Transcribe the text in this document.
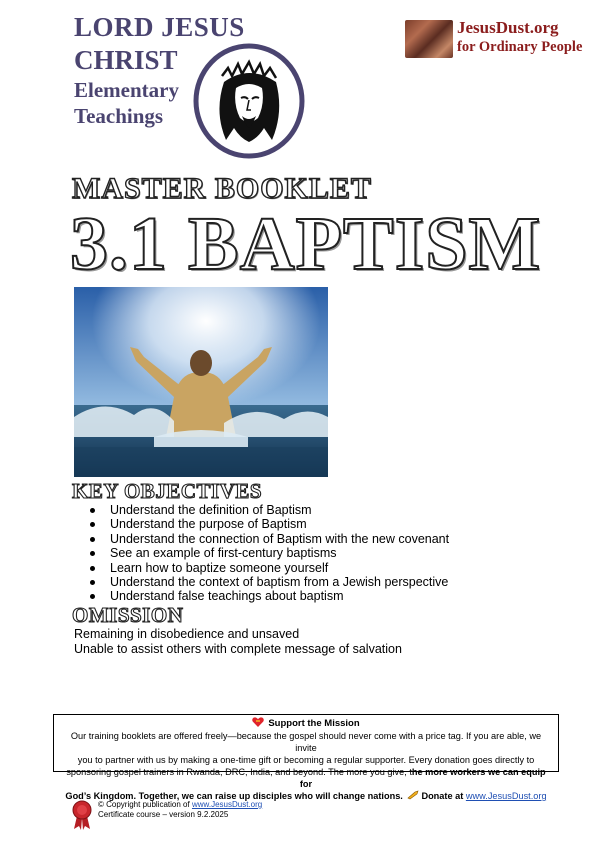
LORD JESUS
CHRIST
Elementary
Teachings
JesusDust.org
for Ordinary People
MASTER BOOKLET
3.1 BAPTISM
KEY OBJECTIVES
Understand the definition of Baptism
Understand the purpose of Baptism
Understand the connection of Baptism with the new covenant
See an example of first-century baptisms
Learn how to baptize someone yourself
Understand the context of baptism from a Jewish perspective
Understand false teachings about baptism
OMISSION
Remaining in disobedience and unsaved
Unable to assist others with complete message of salvation
Support the Mission
Our training booklets are offered freely—because the gospel should never come with a price tag. If you are able, we invite
you to partner with us by making a one-time gift or becoming a regular supporter. Every donation goes directly to
sponsoring gospel trainers in Rwanda, DRC, India, and beyond. The more you give, the more workers we can equip for
God’s Kingdom. Together, we can raise up disciples who will change nations. Donate at www.JesusDust.org
© Copyright publication of www.JesusDust.org
Certificate course – version 9.2.2025
